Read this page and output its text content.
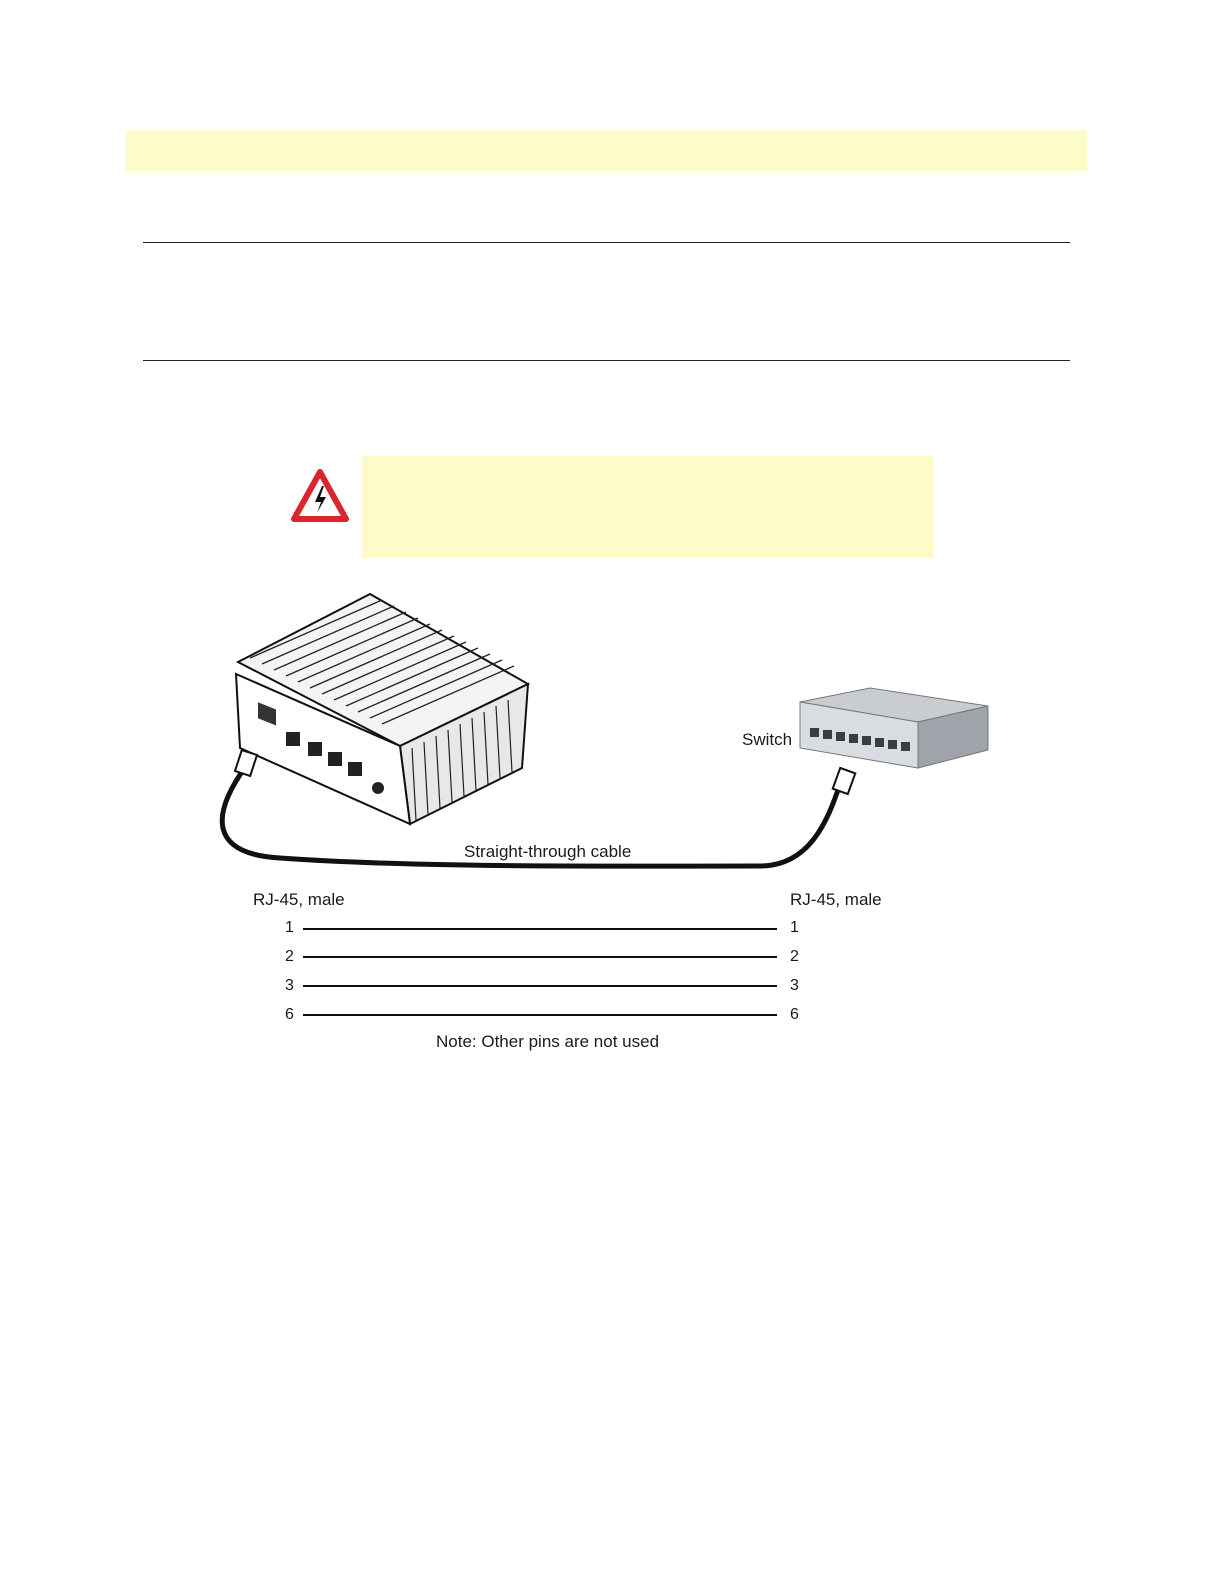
Switch
Straight-through cable
RJ-45, male	RJ-45, male
1	1
2	2
3	3
6	6
Note: Other pins are not used
